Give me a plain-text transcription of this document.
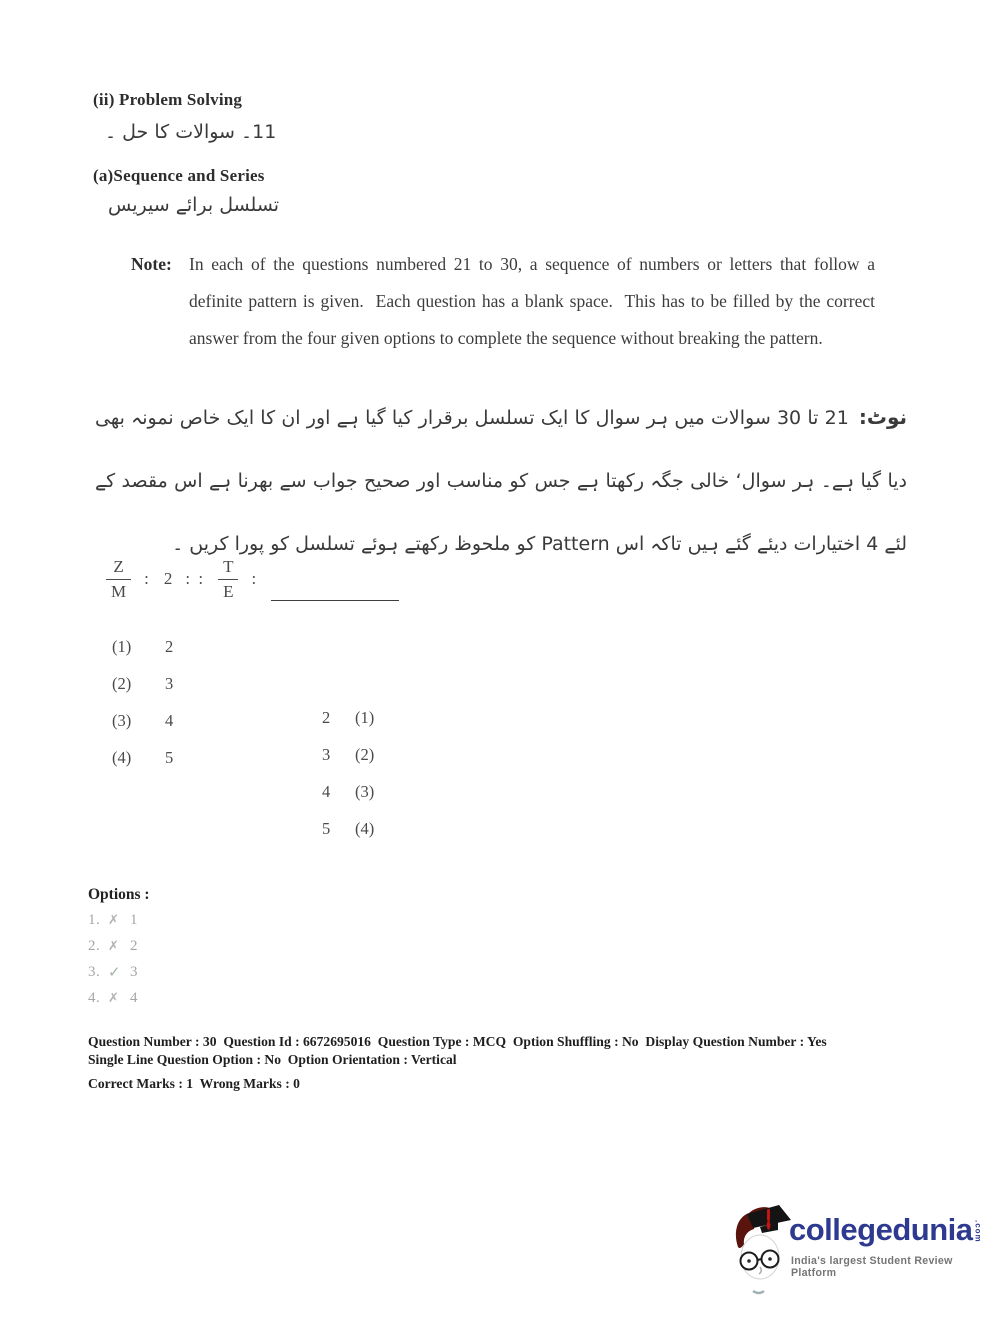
(ii) Problem Solving
11۔ سوالات کا حل ۔
(a)Sequence and Series
تسلسل برائے سیریس
Note: In each of the questions numbered 21 to 30, a sequence of numbers or letters that follow a definite pattern is given.  Each question has a blank space.  This has to be filled by the correct answer from the four given options to complete the sequence without breaking the pattern.
نوٹ:21 تا 30 سوالات میں ہر سوال کا ایک تسلسل برقرار کیا گیا ہے اور ان کا ایک خاص نمونہ بھی دیا گیا ہے۔ ہر سوال‘ خالی جگہ رکھتا ہے جس کو مناسب اور صحیح جواب سے بھرنا ہے اس مقصد کے لئے 4 اختیارات دیئے گئے ہیں تاکہ اس Pattern کو ملحوظ رکھتے ہوئے تسلسل کو پورا کریں ۔
$\frac{Z}{M}$ : 2 : : $\frac{T}{E}$ :
(1)	2
(2)	3
(3)	4
(4)	5
2	(1)
3	(2)
4	(3)
5	(4)
Options :
1. ✗ 1
2. ✗ 2
3. ✓ 3
4. ✗ 4
Question Number : 30  Question Id : 6672695016  Question Type : MCQ  Option Shuffling : No  Display Question Number : Yes
Single Line Question Option : No  Option Orientation : Vertical
Correct Marks : 1  Wrong Marks : 0
collegedunia .com
India's largest Student Review Platform
